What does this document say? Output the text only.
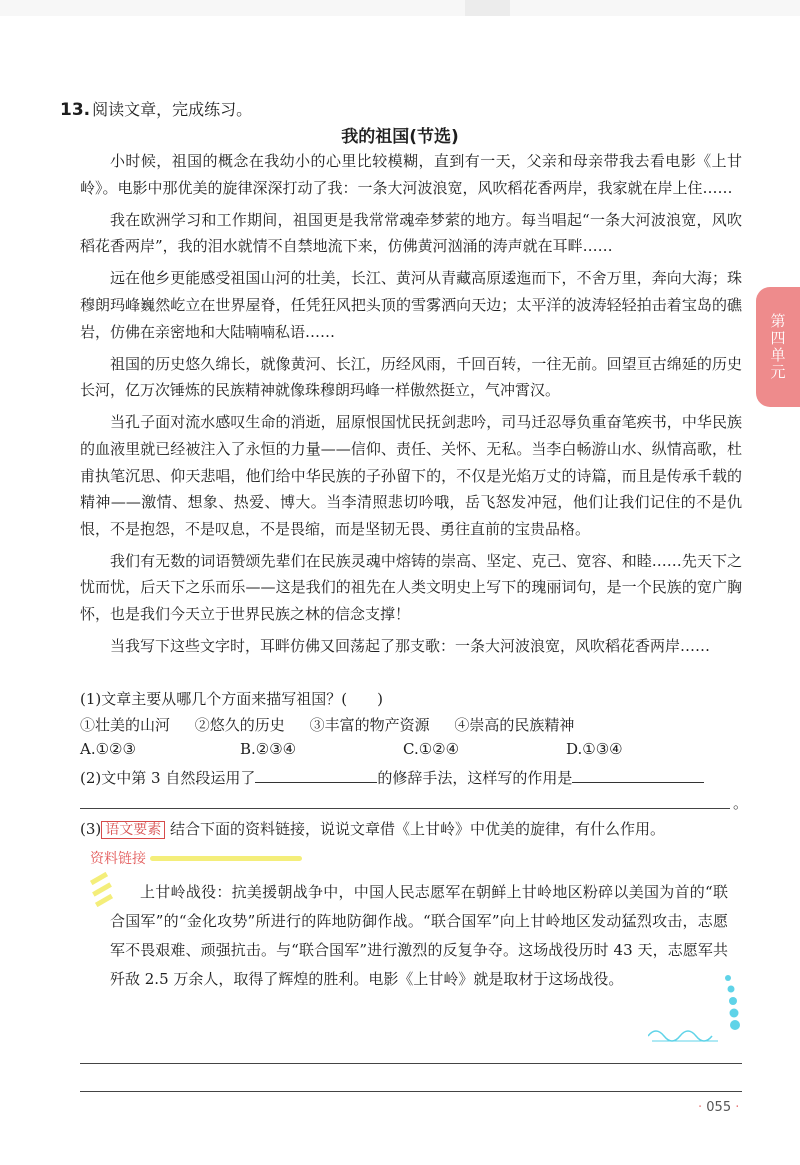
13. 阅读文章，完成练习。
我的祖国(节选)

小时候，祖国的概念在我幼小的心里比较模糊，直到有一天，父亲和母亲带我去看电影《上甘岭》。电影中那优美的旋律深深打动了我：一条大河波浪宽，风吹稻花香两岸，我家就在岸上住……

我在欧洲学习和工作期间，祖国更是我常常魂牵梦萦的地方。每当唱起“一条大河波浪宽，风吹稻花香两岸”，我的泪水就情不自禁地流下来，仿佛黄河汹涌的涛声就在耳畔……

远在他乡更能感受祖国山河的壮美，长江、黄河从青藏高原逶迤而下，不舍万里，奔向大海；珠穆朗玛峰巍然屹立在世界屋脊，任凭狂风把头顶的雪雾洒向天边；太平洋的波涛轻轻拍击着宝岛的礁岩，仿佛在亲密地和大陆喃喃私语……

祖国的历史悠久绵长，就像黄河、长江，历经风雨，千回百转，一往无前。回望亘古绵延的历史长河，亿万次锤炼的民族精神就像珠穆朗玛峰一样傲然挺立，气冲霄汉。

当孔子面对流水感叹生命的消逝，屈原恨国忧民抚剑悲吟，司马迁忍辱负重奋笔疾书，中华民族的血液里就已经被注入了永恒的力量——信仰、责任、关怀、无私。当李白畅游山水、纵情高歌，杜甫执笔沉思、仰天悲唱，他们给中华民族的子孙留下的，不仅是光焰万丈的诗篇，而且是传承千载的精神——激情、想象、热爱、博大。当李清照悲切吟哦，岳飞怒发冲冠，他们让我们记住的不是仇恨，不是抱怨，不是叹息，不是畏缩，而是坚韧无畏、勇往直前的宝贵品格。

我们有无数的词语赞颂先辈们在民族灵魂中熔铸的崇高、坚定、克己、宽容、和睦……先天下之忧而忧，后天下之乐而乐——这是我们的祖先在人类文明史上写下的瑰丽词句，是一个民族的宽广胸怀，也是我们今天立于世界民族之林的信念支撑！

当我写下这些文字时，耳畔仿佛又回荡起了那支歌：一条大河波浪宽，风吹稻花香两岸……

第四单元
(1)文章主要从哪几个方面来描写祖国？(　　)
①壮美的山河 ②悠久的历史 ③丰富的物产资源 ④崇高的民族精神
A.①②③	B.②③④	C.①②④	D.①③④
(2)文中第 3 自然段运用了	的修辞手法，这样写的作用是
。
(3) 语文要素 结合下面的资料链接，说说文章借《上甘岭》中优美的旋律，有什么作用。
资料链接
上甘岭战役：抗美援朝战争中，中国人民志愿军在朝鲜上甘岭地区粉碎以美国为首的“联合国军”的“金化攻势”所进行的阵地防御作战。“联合国军”向上甘岭地区发动猛烈攻击，志愿军不畏艰难、顽强抗击。与“联合国军”进行激烈的反复争夺。这场战役历时 43 天，志愿军共歼敌 2.5 万余人，取得了辉煌的胜利。电影《上甘岭》就是取材于这场战役。
· 055 ·
